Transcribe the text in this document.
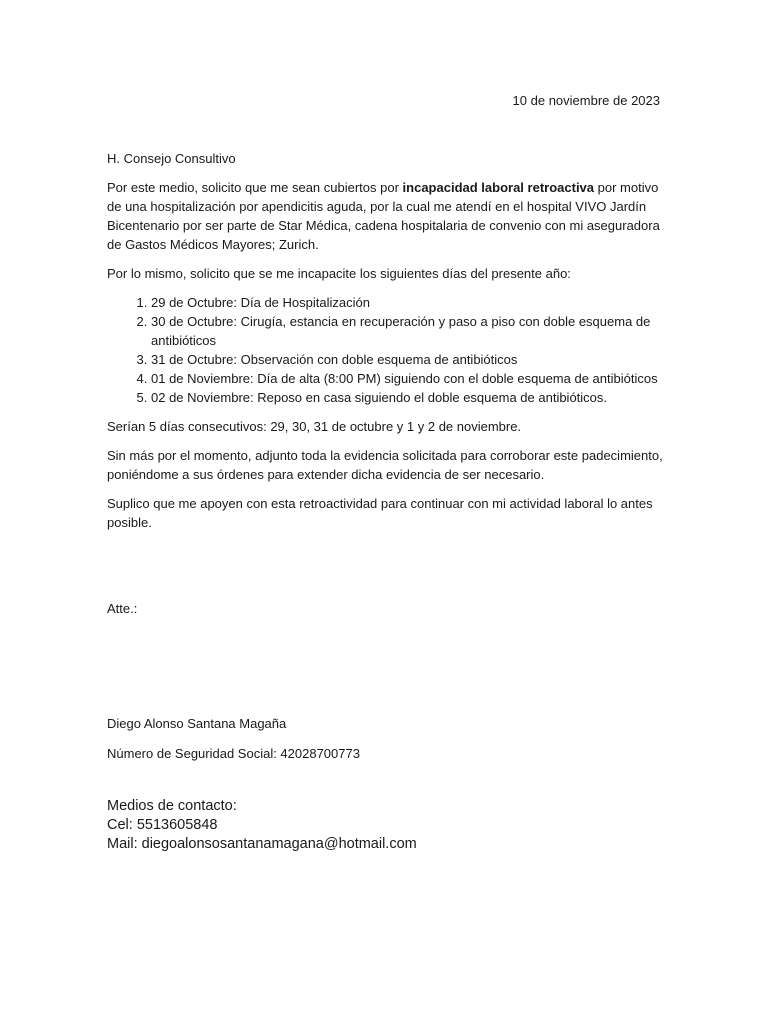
10 de noviembre de 2023

H. Consejo Consultivo

Por este medio, solicito que me sean cubiertos por incapacidad laboral retroactiva por motivo de una hospitalización por apendicitis aguda, por la cual me atendí en el hospital VIVO Jardín Bicentenario por ser parte de Star Médica, cadena hospitalaria de convenio con mi aseguradora de Gastos Médicos Mayores; Zurich.

Por lo mismo, solicito que se me incapacite los siguientes días del presente año:

1. 29 de Octubre: Día de Hospitalización
2. 30 de Octubre: Cirugía, estancia en recuperación y paso a piso con doble esquema de antibióticos
3. 31 de Octubre: Observación con doble esquema de antibióticos
4. 01 de Noviembre: Día de alta (8:00 PM) siguiendo con el doble esquema de antibióticos
5. 02 de Noviembre: Reposo en casa siguiendo el doble esquema de antibióticos.

Serían 5 días consecutivos: 29, 30, 31 de octubre y 1 y 2 de noviembre.

Sin más por el momento, adjunto toda la evidencia solicitada para corroborar este padecimiento, poniéndome a sus órdenes para extender dicha evidencia de ser necesario.

Suplico que me apoyen con esta retroactividad para continuar con mi actividad laboral lo antes posible.

Atte.:
Diego Alonso Santana Magaña
Número de Seguridad Social: 42028700773
Medios de contacto:
Cel: 5513605848
Mail: diegoalonsosantanamagana@hotmail.com
